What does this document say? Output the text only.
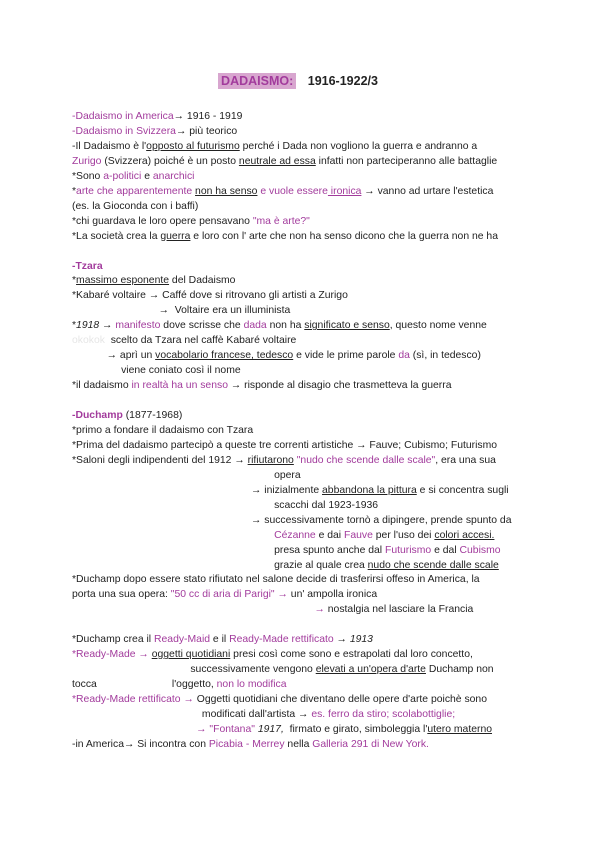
DADAISMO: 1916-1922/3
-Dadaismo in America→ 1916 - 1919
-Dadaismo in Svizzera→ più teorico
-Il Dadaismo è l'opposto al futurismo perché i Dada non vogliono la guerra e andranno a
Zurigo (Svizzera) poiché è un posto neutrale ad essa infatti non parteciperanno alle battaglie
*Sono a-politici e anarchici
*arte che apparentemente non ha senso e vuole essere ironica → vanno ad urtare l'estetica
(es. la Gioconda con i baffi)
*chi guardava le loro opere pensavano "ma è arte?"
*La società crea la guerra e loro con l' arte che non ha senso dicono che la guerra non ne ha
-Tzara
*massimo esponente del Dadaismo
*Kabaré voltaire → Caffé dove si ritrovano gli artisti a Zurigo
→  Voltaire era un illuminista
*1918 → manifesto dove scrisse che dada non ha significato e senso, questo nome venne
okokok  scelto da Tzara nel caffè Kabaré voltaire
→ aprì un vocabolario francese, tedesco e vide le prime parole da (sì, in tedesco)
viene coniato così il nome
*il dadaismo in realtà ha un senso → risponde al disagio che trasmetteva la guerra
-Duchamp (1877-1968)
*primo a fondare il dadaismo con Tzara
*Prima del dadaismo partecipò a queste tre correnti artistiche → Fauve; Cubismo; Futurismo
*Saloni degli indipendenti del 1912 → rifiutarono "nudo che scende dalle scale", era una sua
opera
→ inizialmente abbandona la pittura e si concentra sugli
scacchi dal 1923-1936
→ successivamente tornò a dipingere, prende spunto da
Cézanne e dai Fauve per l'uso dei colori accesi.
presa spunto anche dal Futurismo e dal Cubismo
grazie al quale crea nudo che scende dalle scale
*Duchamp dopo essere stato rifiutato nel salone decide di trasferirsi offeso in America, la
porta una sua opera: "50 cc di aria di Parigi" → un' ampolla ironica
→ nostalgia nel lasciare la Francia
*Duchamp crea il Ready-Maid e il Ready-Made rettificato → 1913
*Ready-Made → oggetti quotidiani presi così come sono e estrapolati dal loro concetto,
successivamente vengono elevati a un'opera d'arte Duchamp non
tocca                          l'oggetto, non lo modifica
*Ready-Made rettificato → Oggetti quotidiani che diventano delle opere d'arte poichè sono
modificati dall'artista → es. ferro da stiro; scolabottiglie;
→ "Fontana" 1917,  firmato e girato, simboleggia l'utero materno
-in America→ Si incontra con Picabia - Merrey nella Galleria 291 di New York.
